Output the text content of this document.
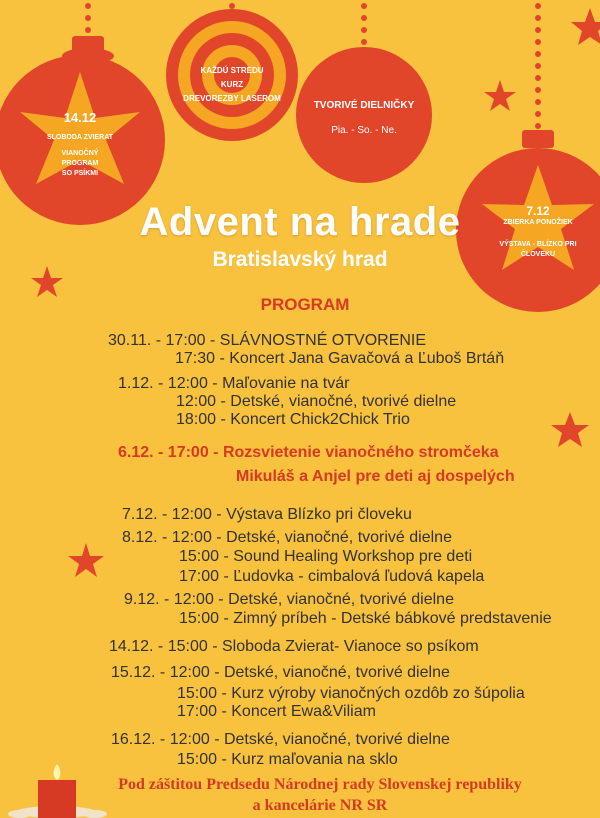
14.12
SLOBODA ZVIERAT
VIANOČNÝ
PROGRAM
SO PSÍKMI
KAŽDÚ STREDU
KURZ
DREVOREZBY LASEROM
TVORIVÉ DIELNIČKY
Pia. - So. - Ne.
7.12
ZBIERKA PONOŽIEK
VÝSTAVA - BLÍZKO PRI
ČLOVEKU
Advent na hrade
Bratislavský hrad
PROGRAM
30.11. - 17:00 - SLÁVNOSTNÉ OTVORENIE
17:30 - Koncert Jana Gavačová a Ľuboš Brtáň
1.12. - 12:00 - Maľovanie na tvár
12:00 - Detské, vianočné, tvorivé dielne
18:00 - Koncert Chick2Chick Trio
6.12. - 17:00 - Rozsvietenie vianočného stromčeka
Mikuláš a Anjel pre deti aj dospelých
7.12. - 12:00 - Výstava Blízko pri človeku
8.12. - 12:00 - Detské, vianočné, tvorivé dielne
15:00 - Sound Healing Workshop pre deti
17:00 - Ľudovka - cimbalová ľudová kapela
9.12. - 12:00 - Detské, vianočné, tvorivé dielne
15:00 - Zimný príbeh - Detské bábkové predstavenie
14.12. - 15:00 - Sloboda Zvierat- Vianoce so psíkom
15.12. - 12:00 - Detské, vianočné, tvorivé dielne
15:00 - Kurz výroby vianočných ozdôb zo šúpolia
17:00 - Koncert Ewa&Viliam
16.12. - 12:00 - Detské, vianočné, tvorivé dielne
15:00 - Kurz maľovania na sklo
Pod záštitou Predsedu Národnej rady Slovenskej republiky
a kancelárie NR SR
